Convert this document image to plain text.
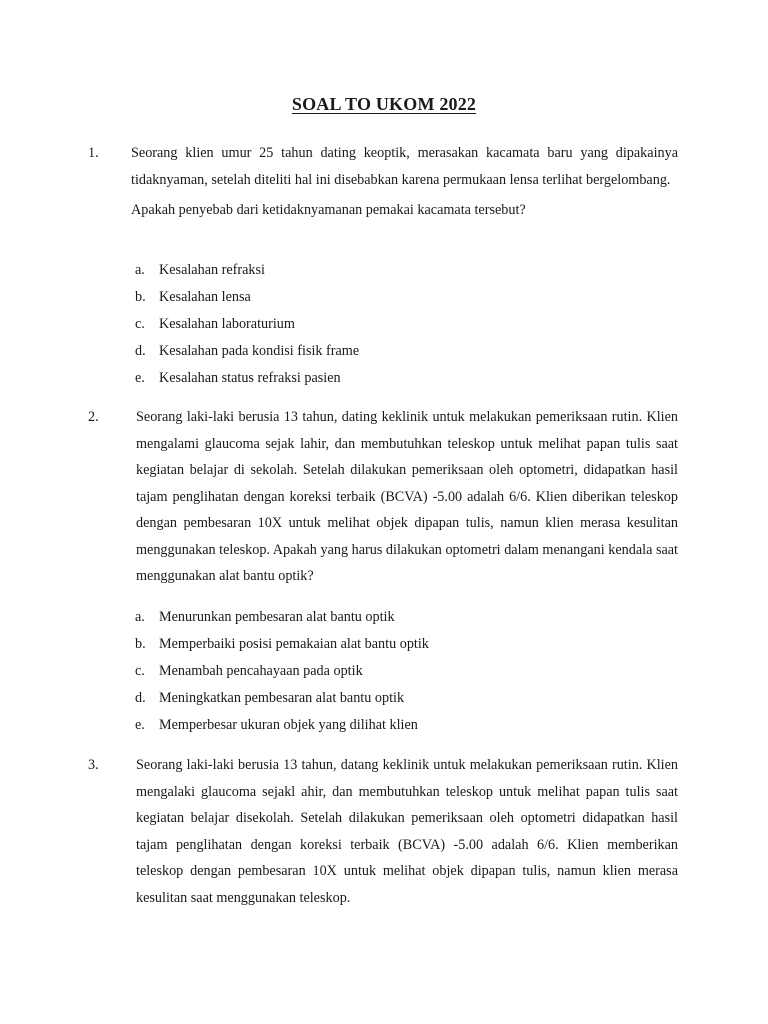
SOAL TO UKOM 2022
1. Seorang klien umur 25 tahun dating keoptik, merasakan kacamata baru yang dipakainya tidaknyaman, setelah diteliti hal ini disebabkan karena permukaan lensa terlihat bergelombang.

Apakah penyebab dari ketidaknyamanan pemakai kacamata tersebut?

a. Kesalahan refraksi
b. Kesalahan lensa
c. Kesalahan laboraturium
d. Kesalahan pada kondisi fisik frame
e. Kesalahan status refraksi pasien
2.	Seorang laki-laki berusia 13 tahun, dating keklinik untuk melakukan pemeriksaan rutin. Klien mengalami glaucoma sejak lahir, dan membutuhkan teleskop untuk melihat papan tulis saat kegiatan belajar di sekolah. Setelah dilakukan pemeriksaan oleh optometri, didapatkan hasil tajam penglihatan dengan koreksi terbaik (BCVA) -5.00 adalah 6/6. Klien diberikan teleskop dengan pembesaran 10X untuk melihat objek dipapan tulis, namun klien merasa kesulitan menggunakan teleskop. Apakah yang harus dilakukan optometri dalam menangani kendala saat menggunakan alat bantu optik?

a. Menurunkan pembesaran alat bantu optik
b. Memperbaiki posisi pemakaian alat bantu optik
c. Menambah pencahayaan pada optik
d. Meningkatkan pembesaran alat bantu optik
e. Memperbesar ukuran objek yang dilihat klien
3.	Seorang laki-laki berusia 13 tahun, datang keklinik untuk melakukan pemeriksaan rutin. Klien mengalaki glaucoma sejakl ahir, dan membutuhkan teleskop untuk melihat papan tulis saat kegiatan belajar disekolah. Setelah dilakukan pemeriksaan oleh optometri didapatkan hasil tajam penglihatan dengan koreksi terbaik (BCVA) -5.00 adalah 6/6. Klien memberikan teleskop dengan pembesaran 10X untuk melihat objek dipapan tulis, namun klien merasa kesulitan saat menggunakan teleskop.
